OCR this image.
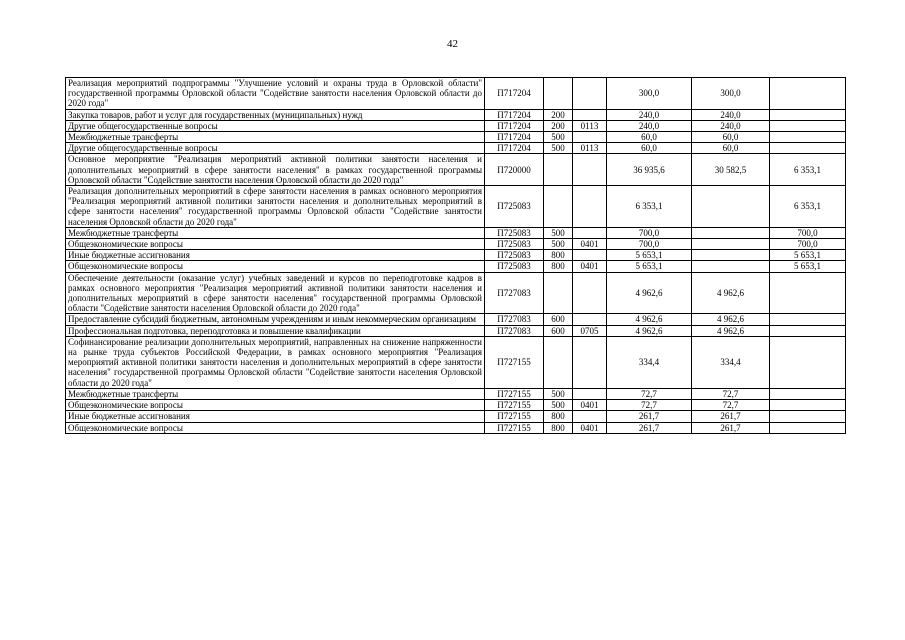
42
Реализация мероприятий подпрограммы "Улучшение условий и охраны труда в Орловской области" государственной программы Орловской области "Содействие занятости населения Орловской области до 2020 года"	П717204			300,0	300,0	
Закупка товаров, работ и услуг для государственных (муниципальных) нужд	П717204	200		240,0	240,0	
Другие общегосударственные вопросы	П717204	200	0113	240,0	240,0	
Межбюджетные трансферты	П717204	500		60,0	60,0	
Другие общегосударственные вопросы	П717204	500	0113	60,0	60,0	
Основное мероприятие "Реализация мероприятий активной политики занятости населения и дополнительных мероприятий в сфере занятости населения" в рамках государственной программы Орловской области "Содействие занятости населения Орловской области до 2020 года"	П720000			36 935,6	30 582,5	6 353,1
Реализация дополнительных мероприятий в сфере занятости населения в рамках основного мероприятия "Реализация мероприятий активной политики занятости населения и дополнительных мероприятий в сфере занятости населения" государственной программы Орловской области "Содействие занятости населения Орловской области до 2020 года"	П725083			6 353,1		6 353,1
Межбюджетные трансферты	П725083	500		700,0		700,0
Общеэкономические вопросы	П725083	500	0401	700,0		700,0
Иные бюджетные ассигнования	П725083	800		5 653,1		5 653,1
Общеэкономические вопросы	П725083	800	0401	5 653,1		5 653,1
Обеспечение деятельности (оказание услуг) учебных заведений и курсов по переподготовке кадров в рамках основного мероприятия "Реализация мероприятий активной политики занятости населения и дополнительных мероприятий в сфере занятости населения" государственной программы Орловской области "Содействие занятости населения Орловской области до 2020 года"	П727083			4 962,6	4 962,6	
Предоставление субсидий бюджетным, автономным учреждениям и иным некоммерческим организациям	П727083	600		4 962,6	4 962,6	
Профессиональная подготовка, переподготовка и повышение квалификации	П727083	600	0705	4 962,6	4 962,6	
Софинансирование реализации дополнительных мероприятий, направленных на снижение напряженности на рынке труда субъектов Российской Федерации, в рамках основного мероприятия "Реализация мероприятий активной политики занятости населения и дополнительных мероприятий в сфере занятости населения" государственной программы Орловской области "Содействие занятости населения Орловской области до 2020 года"	П727155			334,4	334,4	
Межбюджетные трансферты	П727155	500		72,7	72,7	
Общеэкономические вопросы	П727155	500	0401	72,7	72,7	
Иные бюджетные ассигнования	П727155	800		261,7	261,7	
Общеэкономические вопросы	П727155	800	0401	261,7	261,7	
